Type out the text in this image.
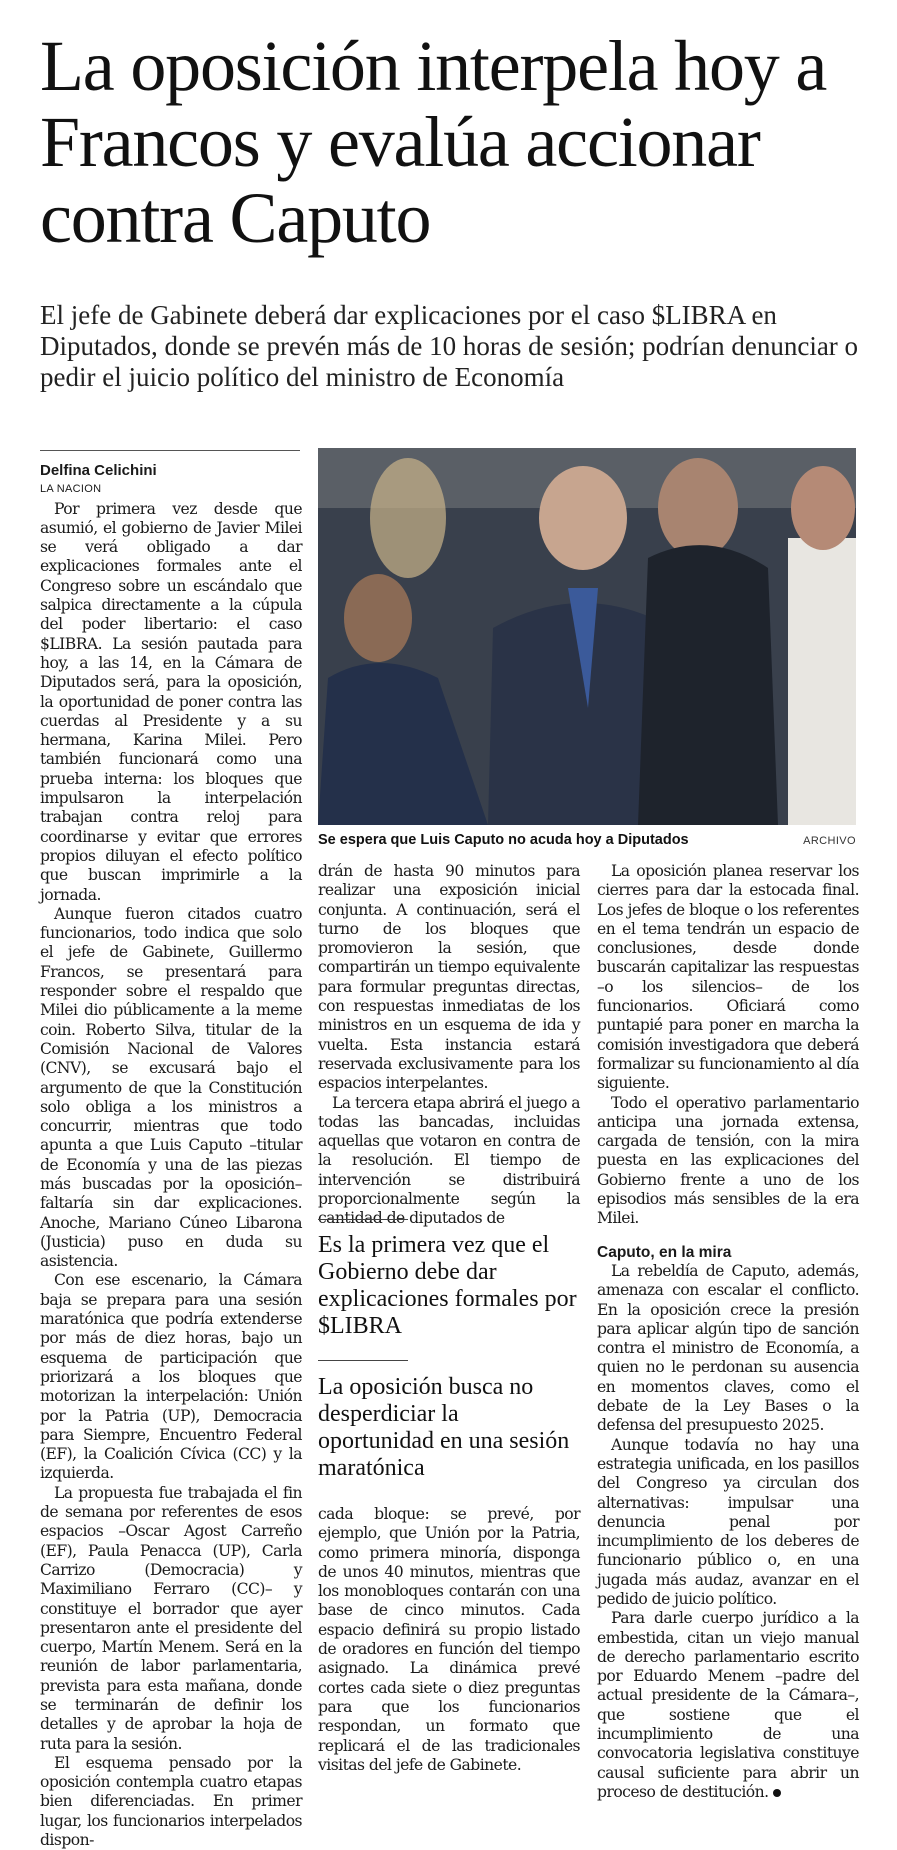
La oposición interpela hoy a Francos y evalúa accionar contra Caputo

El jefe de Gabinete deberá dar explicaciones por el caso $LIBRA en Diputados, donde se prevén más de 10 horas de sesión; podrían denunciar o pedir el juicio político del ministro de Economía

Delfina Celichini

LA NACION

Por primera vez desde que asumió, el gobierno de Javier Milei se verá obligado a dar explicaciones formales ante el Congreso sobre un escándalo que salpica directamente a la cúpula del poder libertario: el caso $LIBRA. La sesión pautada para hoy, a las 14, en la Cámara de Diputados será, para la oposición, la oportunidad de poner contra las cuerdas al Presidente y a su hermana, Karina Milei. Pero también funcionará como una prueba interna: los bloques que impulsaron la interpelación trabajan contra reloj para coordinarse y evitar que errores propios diluyan el efecto político que buscan imprimirle a la jornada.

Aunque fueron citados cuatro funcionarios, todo indica que solo el jefe de Gabinete, Guillermo Francos, se presentará para responder sobre el respaldo que Milei dio públicamente a la meme coin. Roberto Silva, titular de la Comisión Nacional de Valores (CNV), se excusará bajo el argumento de que la Constitución solo obliga a los ministros a concurrir, mientras que todo apunta a que Luis Caputo –titular de Economía y una de las piezas más buscadas por la oposición– faltaría sin dar explicaciones. Anoche, Mariano Cúneo Libarona (Justicia) puso en duda su asistencia.

Con ese escenario, la Cámara baja se prepara para una sesión maratónica que podría extenderse por más de diez horas, bajo un esquema de participación que priorizará a los bloques que motorizan la interpelación: Unión por la Patria (UP), Democracia para Siempre, Encuentro Federal (EF), la Coalición Cívica (CC) y la izquierda.

La propuesta fue trabajada el fin de semana por referentes de esos espacios –Oscar Agost Carreño (EF), Paula Penacca (UP), Carla Carrizo (Democracia) y Maximiliano Ferraro (CC)– y constituye el borrador que ayer presentaron ante el presidente del cuerpo, Martín Menem. Será en la reunión de labor parlamentaria, prevista para esta mañana, donde se terminarán de definir los detalles y de aprobar la hoja de ruta para la sesión.

El esquema pensado por la oposición contempla cuatro etapas bien diferenciadas. En primer lugar, los funcionarios interpelados dispon-

Se espera que Luis Caputo no acuda hoy a Diputados	ARCHIVO

drán de hasta 90 minutos para realizar una exposición inicial conjunta. A continuación, será el turno de los bloques que promovieron la sesión, que compartirán un tiempo equivalente para formular preguntas directas, con respuestas inmediatas de los ministros en un esquema de ida y vuelta. Esta instancia estará reservada exclusivamente para los espacios interpelantes.

La tercera etapa abrirá el juego a todas las bancadas, incluidas aquellas que votaron en contra de la resolución. El tiempo de intervención se distribuirá proporcionalmente según la cantidad de diputados de

Es la primera vez que el Gobierno debe dar explicaciones formales por $LIBRA
La oposición busca no desperdiciar la oportunidad en una sesión maratónica

cada bloque: se prevé, por ejemplo, que Unión por la Patria, como primera minoría, disponga de unos 40 minutos, mientras que los monobloques contarán con una base de cinco minutos. Cada espacio definirá su propio listado de oradores en función del tiempo asignado. La dinámica prevé cortes cada siete o diez preguntas para que los funcionarios respondan, un formato que replicará el de las tradicionales visitas del jefe de Gabinete.

La oposición planea reservar los cierres para dar la estocada final. Los jefes de bloque o los referentes en el tema tendrán un espacio de conclusiones, desde donde buscarán capitalizar las respuestas –o los silencios– de los funcionarios. Oficiará como puntapié para poner en marcha la comisión investigadora que deberá formalizar su funcionamiento al día siguiente.

Todo el operativo parlamentario anticipa una jornada extensa, cargada de tensión, con la mira puesta en las explicaciones del Gobierno frente a uno de los episodios más sensibles de la era Milei.

Caputo, en la mira

La rebeldía de Caputo, además, amenaza con escalar el conflicto. En la oposición crece la presión para aplicar algún tipo de sanción contra el ministro de Economía, a quien no le perdonan su ausencia en momentos claves, como el debate de la Ley Bases o la defensa del presupuesto 2025.

Aunque todavía no hay una estrategia unificada, en los pasillos del Congreso ya circulan dos alternativas: impulsar una denuncia penal por incumplimiento de los deberes de funcionario público o, en una jugada más audaz, avanzar en el pedido de juicio político.

Para darle cuerpo jurídico a la embestida, citan un viejo manual de derecho parlamentario escrito por Eduardo Menem –padre del actual presidente de la Cámara–, que sostiene que el incumplimiento de una convocatoria legislativa constituye causal suficiente para abrir un proceso de destitución.
